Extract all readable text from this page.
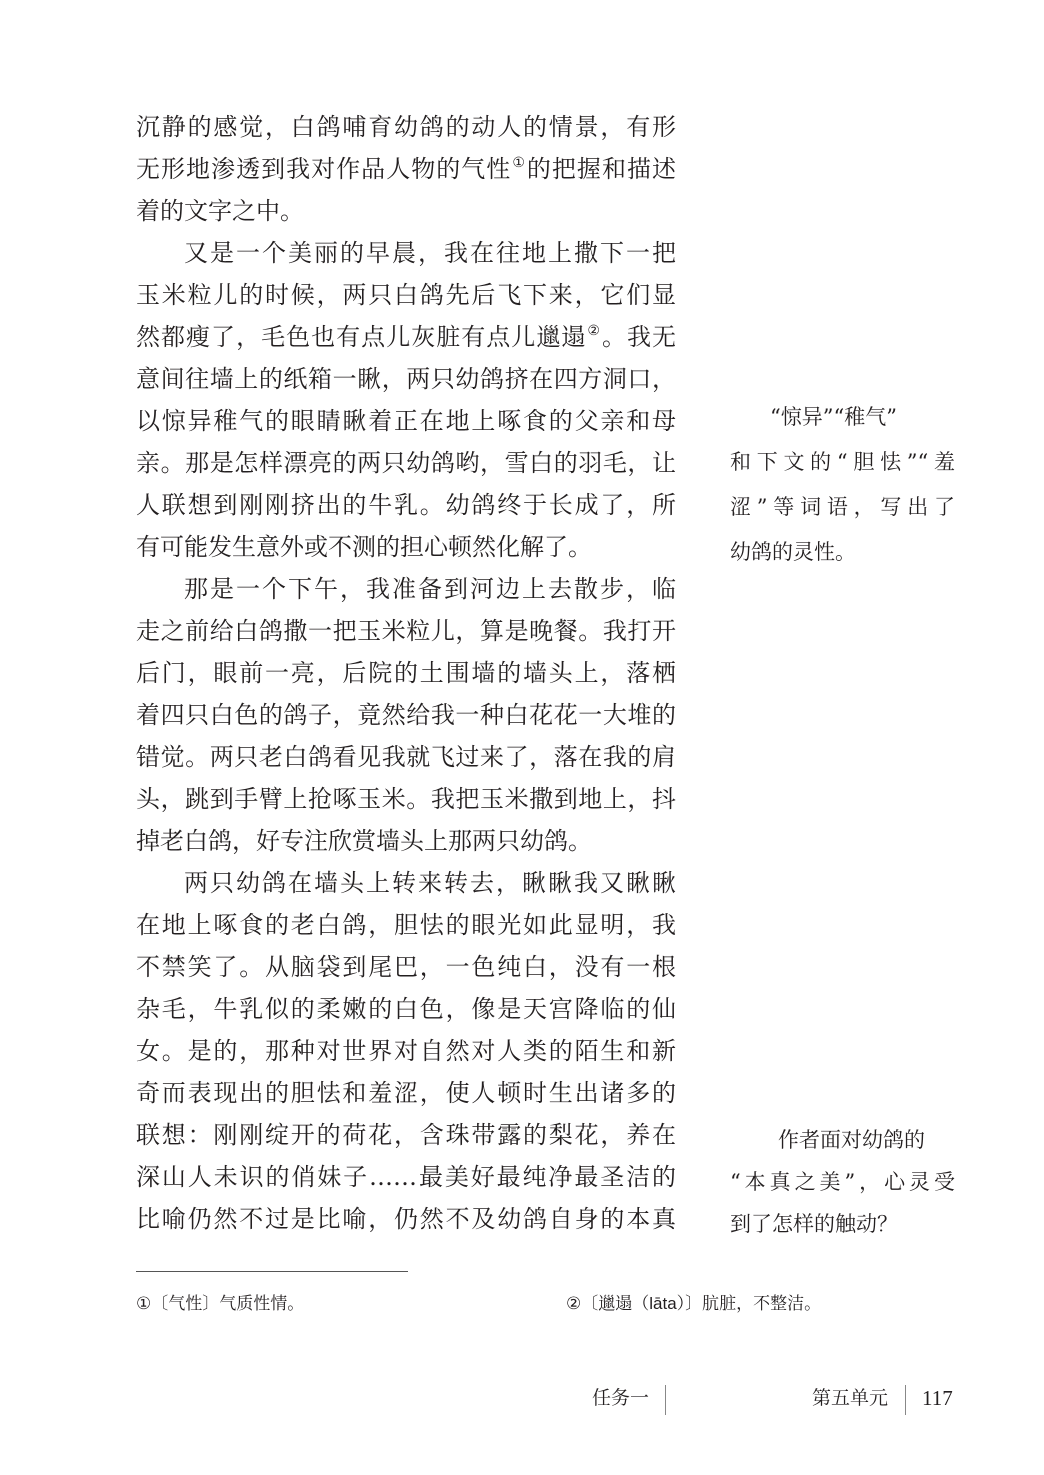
沉静的感觉，白鸽哺育幼鸽的动人的情景，有形
无形地渗透到我对作品人物的气性①的把握和描述
着的文字之中。
又是一个美丽的早晨，我在往地上撒下一把
玉米粒儿的时候，两只白鸽先后飞下来，它们显
然都瘦了，毛色也有点儿灰脏有点儿邋遢②。我无
意间往墙上的纸箱一瞅，两只幼鸽挤在四方洞口，
以惊异稚气的眼睛瞅着正在地上啄食的父亲和母
亲。那是怎样漂亮的两只幼鸽哟，雪白的羽毛，让
人联想到刚刚挤出的牛乳。幼鸽终于长成了，所
有可能发生意外或不测的担心顿然化解了。
那是一个下午，我准备到河边上去散步，临
走之前给白鸽撒一把玉米粒儿，算是晚餐。我打开
后门，眼前一亮，后院的土围墙的墙头上，落栖
着四只白色的鸽子，竟然给我一种白花花一大堆的
错觉。两只老白鸽看见我就飞过来了，落在我的肩
头，跳到手臂上抢啄玉米。我把玉米撒到地上，抖
掉老白鸽，好专注欣赏墙头上那两只幼鸽。
两只幼鸽在墙头上转来转去，瞅瞅我又瞅瞅
在地上啄食的老白鸽，胆怯的眼光如此显明，我
不禁笑了。从脑袋到尾巴，一色纯白，没有一根
杂毛，牛乳似的柔嫩的白色，像是天宫降临的仙
女。是的，那种对世界对自然对人类的陌生和新
奇而表现出的胆怯和羞涩，使人顿时生出诸多的
联想：刚刚绽开的荷花，含珠带露的梨花，养在
深山人未识的俏妹子……最美好最纯净最圣洁的
比喻仍然不过是比喻，仍然不及幼鸽自身的本真
“惊异”“稚气”
和下文的“胆怯”“羞
涩”等词语，写出了
幼鸽的灵性。
作者面对幼鸽的
“本真之美”，心灵受
到了怎样的触动？
①〔气性〕气质性情。	②〔邋遢（lāta）〕肮脏，不整洁。
任务一	第五单元 117
